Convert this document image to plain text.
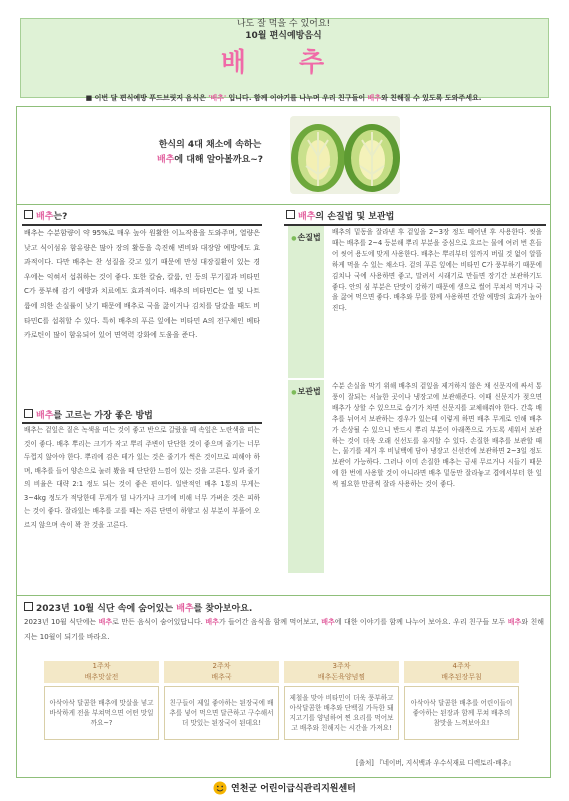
나도 잘 먹을 수 있어요!
10월 편식예방음식
배 추
■ 이번 달 편식예방 푸드브릿지 음식은 '배추' 입니다. 함께 이야기를 나누며 우리 친구들이 배추와 친해질 수 있도록 도와주세요.
한식의 4대 채소에 속하는
배추에 대해 알아볼까요~?
배추는?
배추는 수분함량이 약 95%로 매우 높아 원활한 이뇨작용을 도와주며, 열량은 낮고 식이섬유 함유량은 많아 장의 활동을 촉진해 변비와 대장암 예방에도 효과적이다. 다만 배추는 찬 성질을 갖고 있기 때문에 만성 대장질환이 있는 경우에는 익혀서 섭취하는 것이 좋다. 또한 칼슘, 칼륨, 인 등의 무기질과 비타민C가 풍부해 감기 예방과 치료에도 효과적이다. 배추의 비타민C는 열 및 나트륨에 의한 손실률이 낮기 때문에 배추로 국을 끓이거나 김치를 담갔을 때도 비타민C를 섭취할 수 있다. 특히 배추의 푸른 잎에는 비타민 A의 전구체인 베타카로틴이 많이 함유되어 있어 면역력 강화에 도움을 준다.
배추를 고르는 가장 좋은 방법
배추는 겉잎은 짙은 녹색을 띠는 것이 좋고 반으로 갈랐을 때 속잎은 노란색을 띠는 것이 좋다. 배추 뿌리는 크기가 작고 뿌리 주변이 단단한 것이 좋으며 줄기는 너무 두껍지 않아야 한다. 뿌리에 검은 테가 있는 것은 줄기가 썩은 것이므로 피해야 하며, 배추를 들어 양손으로 눌러 봤을 때 단단한 느낌이 있는 것을 고른다. 잎과 줄기의 비율은 대략 2:1 정도 되는 것이 좋은 편이다. 일반적인 배추 1통의 무게는 3~4kg 정도가 적당한데 무게가 덜 나가거나 크기에 비해 너무 가벼운 것은 피하는 것이 좋다. 잘라있는 배추를 고를 때는 자른 단면이 하얗고 심 부분이 부풀어 오르지 않으며 속이 꽉 찬 것을 고른다.
배추의 손질법 및 보관법
● 손질법
배추의 밑동을 잘라낸 후 겉잎을 2~3장 정도 떼어낸 후 사용한다. 씻을 때는 배추를 2~4 등분해 뿌리 부분을 중심으로 흐르는 물에 여러 번 흔들어 씻어 용도에 맞게 사용한다. 배추는 뿌리부터 잎까지 버릴 것 없이 알뜰하게 먹을 수 있는 채소다. 겉의 푸른 잎에는 비타민 C가 풍부하기 때문에 김치나 국에 사용하면 좋고, 말려서 시래기로 만들면 장기간 보관하기도 좋다. 안의 심 부분은 단맛이 강하기 때문에 생으로 썰어 무쳐서 먹거나 국을 끓여 먹으면 좋다. 배추와 무를 함께 사용하면 간암 예방의 효과가 높아진다.
● 보관법
수분 손실을 막기 위해 배추의 겉잎을 제거하지 않은 채 신문지에 싸서 통풍이 잘되는 서늘한 곳이나 냉장고에 보관해준다. 이때 신문지가 젖으면 배추가 상할 수 있으므로 습기가 차면 신문지를 교체해줘야 한다. 간혹 배추를 뉘어서 보관하는 경우가 있는데 이렇게 하면 배추 무게로 인해 배추가 손상될 수 있으니 반드시 뿌리 부분이 아래쪽으로 가도록 세워서 보관하는 것이 더욱 오래 신선도를 유지할 수 있다. 손질한 배추를 보관할 때는, 물기를 제거 후 비닐백에 담아 냉장고 신선칸에 보관하면 2~3일 정도 보관이 가능하다. 그러나 이미 손질한 배추는 금새 무르거나 시들기 때문에 한 번에 사용할 것이 아니라면 배추 밑동만 잘라놓고 겹에서부터 한 잎씩 필요한 만큼씩 잘라 사용하는 것이 좋다.
2023년 10월 식단 속에 숨어있는 배추를 찾아보아요.
2023년 10월 식단에는 배추로 만든 음식이 숨어있답니다. 배추가 들어간 음식을 함께 먹어보고, 배추에 대한 이야기를 함께 나누어 보아요. 우리 친구들 모두 배추와 친해지는 10월이 되기를 바라요.
1주차
배추맛살전
아삭아삭 달콤한 배추에 맛살을 넣고 바삭하게 전을 부쳐먹으면 어떤 맛일까요~?
2주차
배추국
친구들이 제일 좋아하는 된장국에 배추를 넣어 먹으면 달큰하고 구수해서 더 맛있는 된장국이 된데요!
3주차
배추돈육양념찜
제철을 맞아 비타민이 더욱 풍부하고 아삭달콤한 배추와 단백질 가득한 돼지고기를 양념하여 찐 요리를 먹어보고 배추와 친해지는 시간을 가져요!
4주차
배추된장무침
아삭아삭 달콤한 배추를 어린이들이 좋아하는 된장과 함께 무쳐 배추의 참맛을 느껴보아요!
[출처] 『네이버, 지식백과 우수식재료 디렉토리-배추』
연천군 어린이급식관리지원센터
